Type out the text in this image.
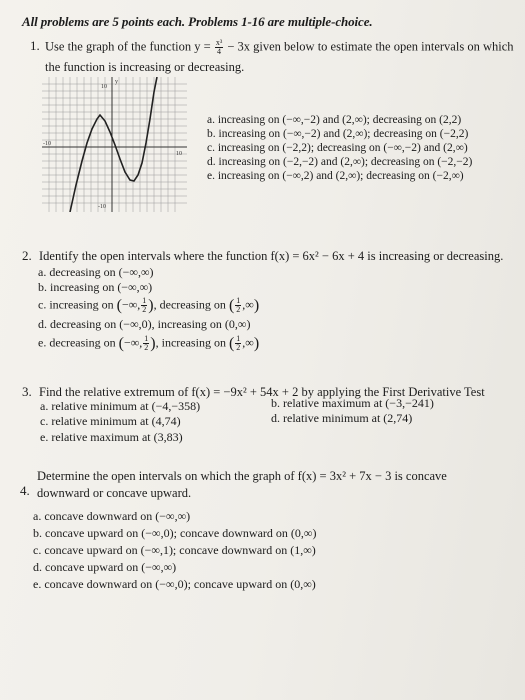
All problems are 5 points each. Problems 1-16 are multiple-choice.
1. Use the graph of the function $y = \frac{\text{x³}}{4} - 3x$ given below to estimate the open intervals on which
the function is increasing or decreasing.
y
10
-10
-10
10
a. increasing on (−∞,−2) and (2,∞); decreasing on (2,2)
b. increasing on (−∞,−2) and (2,∞); decreasing on (−2,2)
c. increasing on (−2,2); decreasing on (−∞,−2) and (2,∞)
d. increasing on (−2,−2) and (2,∞); decreasing on (−2,−2)
e. increasing on (−∞,2) and (2,∞); decreasing on (−2,∞)
2. Identify the open intervals where the function f(x) = 6x² − 6x + 4 is increasing or decreasing.
a. decreasing on (−∞,∞)
b. increasing on (−∞,∞)
c. increasing on (−∞, $\frac{1}{2}$ ), decreasing on ( $\frac{1}{2}$ ,∞)
d. decreasing on (−∞,0), increasing on (0,∞)
e. decreasing on (−∞, $\frac{1}{2}$ ), increasing on ( $\frac{1}{2}$ ,∞)
3. Find the relative extremum of f(x) = −9x² + 54x + 2 by applying the First Derivative Test
a. relative minimum at (−4,−358)	b. relative maximum at (−3,−241)
c. relative minimum at (4,74)	d. relative minimum at (2,74)
e. relative maximum at (3,83)
4.
Determine the open intervals on which the graph of f(x) = 3x² + 7x − 3 is concave
downward or concave upward.
a. concave downward on (−∞,∞)
b. concave upward on (−∞,0); concave downward on (0,∞)
c. concave upward on (−∞,1); concave downward on (1,∞)
d. concave upward on (−∞,∞)
e. concave downward on (−∞,0); concave upward on (0,∞)
